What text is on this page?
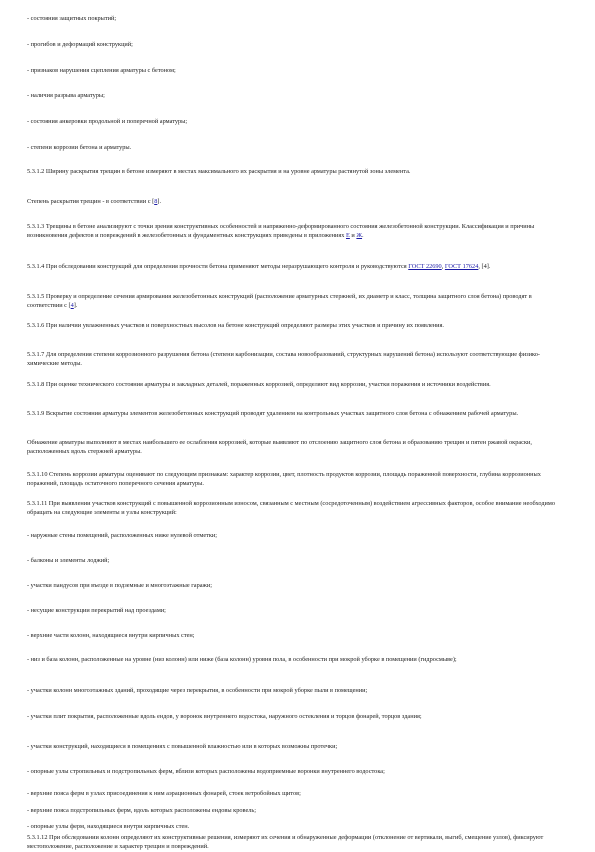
- состояния защитных покрытий;

- прогибов и деформаций конструкций;

- признаков нарушения сцепления арматуры с бетоном;

- наличия разрыва арматуры;

- состояния анкеровки продольной и поперечной арматуры;

- степени коррозии бетона и арматуры.

5.3.1.2 Ширину раскрытия трещин в бетоне измеряют в местах максимального их раскрытия и на уровне арматуры растянутой зоны элемента.

Степень раскрытия трещин - в соответствии с [8].

5.3.1.3 Трещины в бетоне анализируют с точки зрения конструктивных особенностей и напряженно-деформированного состояния железобетонной конструкции. Классификация и причины возникновения дефектов и повреждений в железобетонных и фундаментных конструкциях приведены в приложениях Е и Ж.

5.3.1.4 При обследовании конструкций для определения прочности бетона применяют методы неразрушающего контроля и руководствуются ГОСТ 22690, ГОСТ 17624, [4].

5.3.1.5 Проверку и определение сечения армирования железобетонных конструкций (расположение арматурных стержней, их диаметр и класс, толщина защитного слоя бетона) проводят в соответствии с [4].

5.3.1.6 При наличии увлажненных участков и поверхностных высолов на бетоне конструкций определяют размеры этих участков и причину их появления.

5.3.1.7 Для определения степени коррозионного разрушения бетона (степени карбонизации, состава новообразований, структурных нарушений бетона) используют соответствующие физико-химические методы.

5.3.1.8 При оценке технического состояния арматуры и закладных деталей, пораженных коррозией, определяют вид коррозии, участки поражения и источники воздействия.

5.3.1.9 Вскрытие состояния арматуры элементов железобетонных конструкций проводят удалением на контрольных участках защитного слоя бетона с обнажением рабочей арматуры.

Обнажение арматуры выполняют в местах наибольшего ее ослабления коррозией, которые выявляют по отслоению защитного слоя бетона и образованию трещин и пятен ржавой окраски, расположенных вдоль стержней арматуры.

5.3.1.10 Степень коррозии арматуры оценивают по следующим признакам: характер коррозии, цвет, плотность продуктов коррозии, площадь пораженной поверхности, глубина коррозионных поражений, площадь остаточного поперечного сечения арматуры.

5.3.1.11 При выявлении участков конструкций с повышенной коррозионным износом, связанным с местным (сосредоточенным) воздействием агрессивных факторов, особое внимание необходимо обращать на следующие элементы и узлы конструкций:

- наружные стены помещений, расположенных ниже нулевой отметки;

- балконы и элементы лоджий;

- участки пандусов при въезде в подземные и многоэтажные гаражи;

- несущие конструкции перекрытий над проездами;

- верхние части колонн, находящиеся внутри кирпичных стен;

- низ и база колонн, расположенные на уровне (низ колонн) или ниже (база колонн) уровня пола, в особенности при мокрой уборке в помещении (гидросмыве);

- участки колонн многоэтажных зданий, проходящие через перекрытия, в особенности при мокрой уборке пыли в помещении;

- участки плит покрытия, расположенные вдоль ендов, у воронок внутреннего водостока, наружного остекления и торцов фонарей, торцов здания;

- участки конструкций, находящиеся в помещениях с повышенной влажностью или в которых возможны протечки;

- опорные узлы стропильных и подстропильных ферм, вблизи которых расположены водоприемные воронки внутреннего водостока;

- верхние пояса ферм в узлах присоединения к ним аэрационных фонарей, стоек ветробойных щитов;

- верхние пояса подстропильных ферм, вдоль которых расположены ендовы кровель;

- опорные узлы ферм, находящиеся внутри кирпичных стен.

5.3.1.12 При обследовании колонн определяют их конструктивные решения, измеряют их сечения и обнаруженные деформации (отклонение от вертикали, выгиб, смещение узлов), фиксируют местоположение, расположение и характер трещин и повреждений.
